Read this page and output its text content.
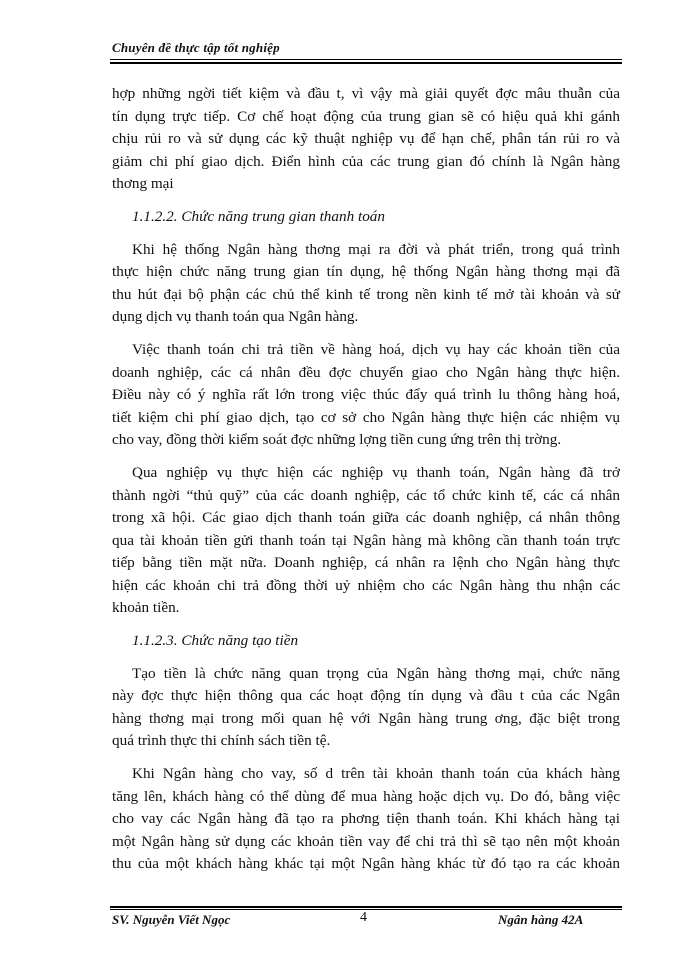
Chuyên đề thực tập tốt nghiệp
hợp những ngời tiết kiệm và đầu t, vì vậy mà giải quyết đợc mâu thuẫn của
tín dụng trực tiếp. Cơ chế hoạt động của trung gian sẽ có hiệu quả khi gánh
chịu rủi ro và sử dụng các kỹ thuật nghiệp vụ để hạn chế, phân tán rủi ro và
giảm chi phí giao dịch. Điển hình của các trung gian đó chính là Ngân hàng
thơng mại
1.1.2.2. Chức năng trung gian thanh toán
Khi hệ thống Ngân hàng thơng mại ra đời và phát triển, trong quá trình
thực hiện chức năng trung gian tín dụng, hệ thống Ngân hàng thơng mại đã
thu hút đại bộ phận các chủ thể kinh tế trong nền kinh tế mở tài khoản và sử
dụng dịch vụ thanh toán qua Ngân hàng.
Việc thanh toán chi trả tiền về hàng hoá, dịch vụ hay các khoản tiền của
doanh nghiệp, các cá nhân đều đợc chuyển giao cho Ngân hàng thực hiện.
Điều này có ý nghĩa rất lớn trong việc thúc đẩy quá trình lu thông hàng hoá,
tiết kiệm chi phí giao dịch, tạo cơ sở cho Ngân hàng thực hiện các nhiệm vụ
cho vay, đồng thời kiểm soát đợc những lợng tiền cung ứng trên thị trờng.
Qua nghiệp vụ thực hiện các nghiệp vụ thanh toán, Ngân hàng đã trở
thành ngời “thủ quỹ” của các doanh nghiệp, các tổ chức kinh tế, các cá nhân
trong xã hội. Các giao dịch thanh toán giữa các doanh nghiệp, cá nhân thông
qua tài khoản tiền gửi thanh toán tại Ngân hàng mà không cần thanh toán trực
tiếp bằng tiền mặt nữa. Doanh nghiệp, cá nhân ra lệnh cho Ngân hàng thực
hiện các khoản chi trả đồng thời uỷ nhiệm cho các Ngân hàng thu nhận các
khoản tiền.
1.1.2.3. Chức năng tạo tiền
Tạo tiền là chức năng quan trọng của Ngân hàng thơng mại, chức năng
này đợc thực hiện thông qua các hoạt động tín dụng và đầu t của các Ngân
hàng thơng mại trong mối quan hệ với Ngân hàng trung ơng, đặc biệt trong
quá trình thực thi chính sách tiền tệ.
Khi Ngân hàng cho vay, số d trên tài khoản thanh toán của khách hàng
tăng lên, khách hàng có thể dùng để mua hàng hoặc dịch vụ. Do đó, bằng việc
cho vay các Ngân hàng đã tạo ra phơng tiện thanh toán. Khi khách hàng tại
một Ngân hàng sử dụng các khoản tiền vay để chi trả thì sẽ tạo nên một khoản
thu của một khách hàng khác tại một Ngân hàng khác từ đó tạo ra các khoản
SV. Nguyễn Viết Ngọc	4	Ngân hàng 42A
